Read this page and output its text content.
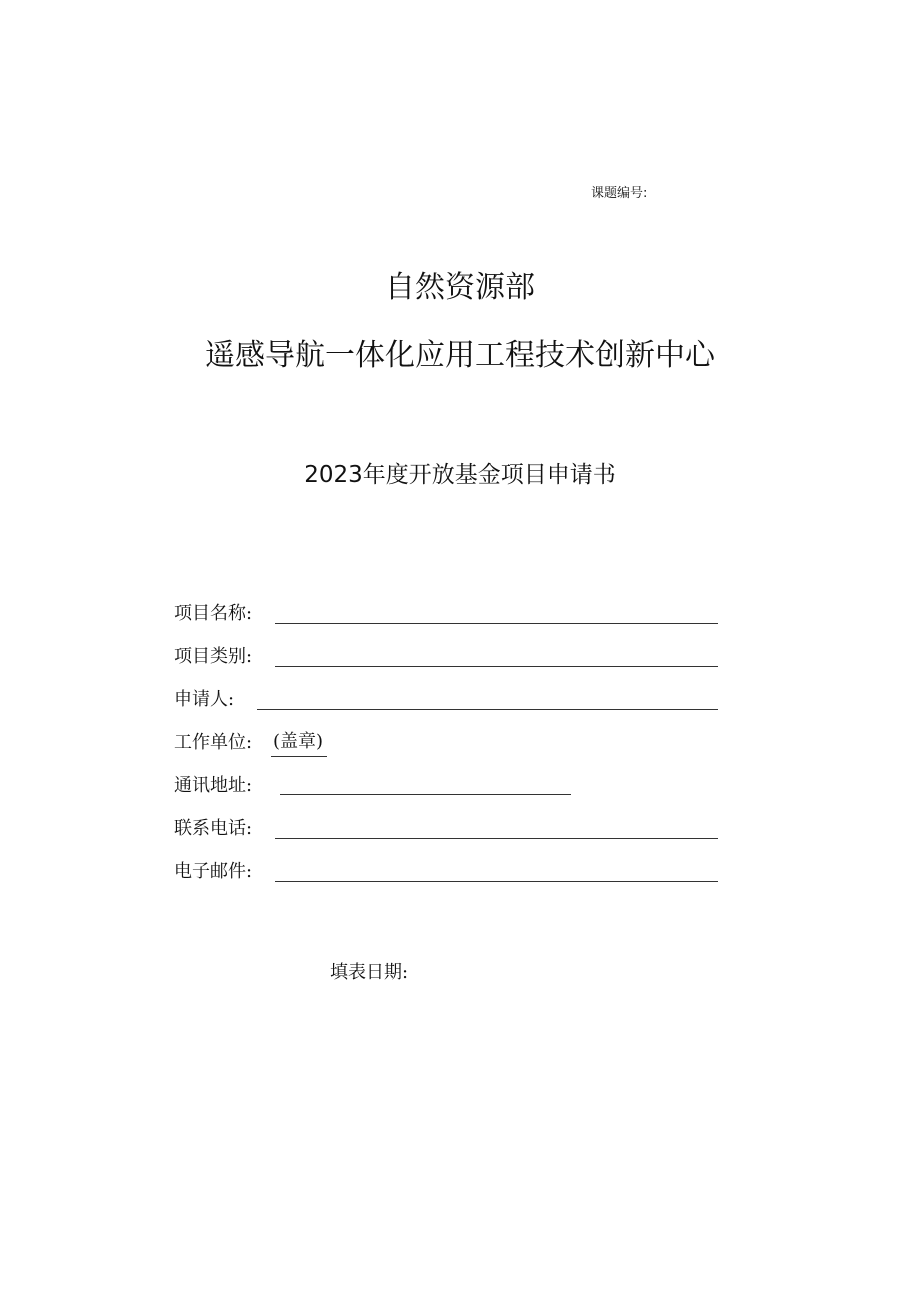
课题编号:
自然资源部
遥感导航一体化应用工程技术创新中心
2023年度开放基金项目申请书
项目名称:
项目类别:
申请人:
工作单位: (盖章)
通讯地址:
联系电话:
电子邮件:
填表日期:
